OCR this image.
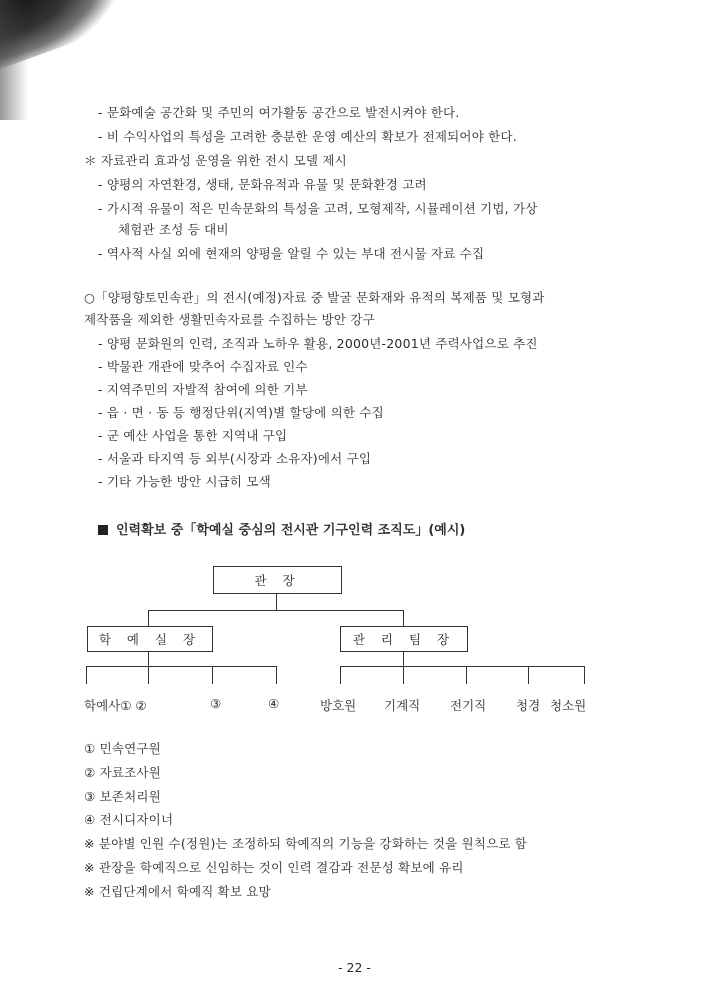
- 문화예술 공간화 및 주민의 여가활동 공간으로 발전시켜야 한다.
- 비 수익사업의 특성을 고려한 충분한 운영 예산의 확보가 전제되어야 한다.
＊ 자료관리 효과성 운영을 위한 전시 모델 제시
- 양평의 자연환경, 생태, 문화유적과 유물 및 문화환경 고려
- 가시적 유물이 적은 민속문화의 특성을 고려, 모형제작, 시뮬레이션 기법, 가상
체험관 조성 등 대비
- 역사적 사실 외에 현재의 양평을 알릴 수 있는 부대 전시물 자료 수집
○「양평향토민속관」의 전시(예정)자료 중 발굴 문화재와 유적의 복제품 및 모형과
제작품을 제외한 생활민속자료를 수집하는 방안 강구
- 양평 문화원의 인력, 조직과 노하우 활용, 2000년-2001년 주력사업으로 추진
- 박물관 개관에 맞추어 수집자료 인수
- 지역주민의 자발적 참여에 의한 기부
- 읍 · 면 · 동 등 행정단위(지역)별 할당에 의한 수집
- 군 예산 사업을 통한 지역내 구입
- 서울과 타지역 등 외부(시장과 소유자)에서 구입
- 기타 가능한 방안 시급히 모색
인력확보 중「학예실 중심의 전시관 기구인력 조직도」(예시)
관 장
학 예 실 장	관 리 팀 장
학예사① ②	③	④	방호원 기계직 전기직 청경 청소원
① 민속연구원
② 자료조사원
③ 보존처리원
④ 전시디자이너
※ 분야별 인원 수(정원)는 조정하되 학예직의 기능을 강화하는 것을 원칙으로 함
※ 관장을 학예직으로 신임하는 것이 인력 결감과 전문성 확보에 유리
※ 건립단계에서 학예직 확보 요망
- 22 -
